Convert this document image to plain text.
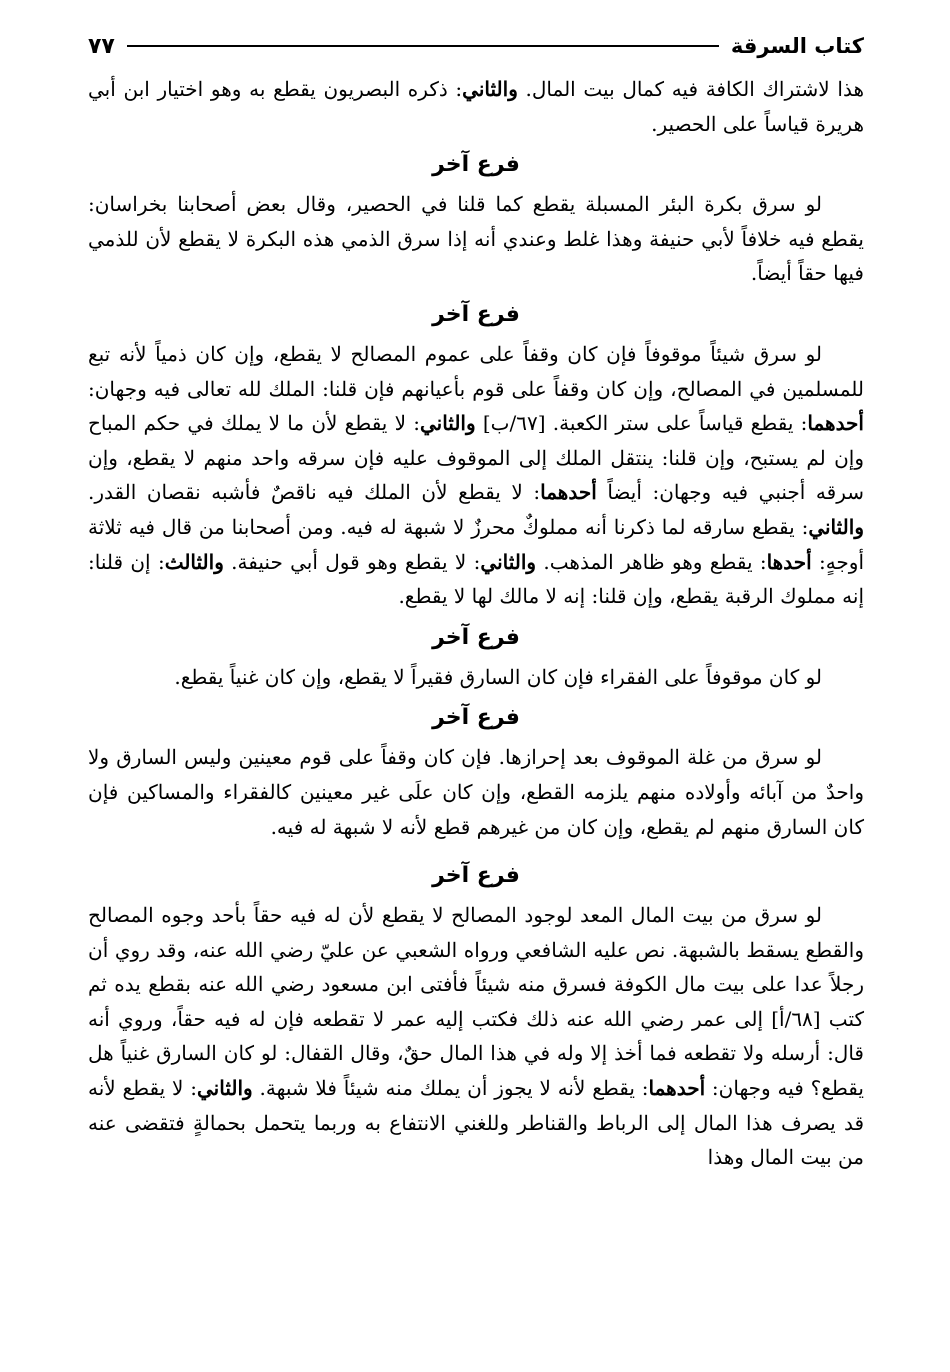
كتاب السرقة
٧٧

هذا لاشتراك الكافة فيه كمال بيت المال. والثاني: ذكره البصريون يقطع به وهو اختيار ابن أبي هريرة قياساً على الحصير.

فرع آخر

لو سرق بكرة البئر المسبلة يقطع كما قلنا في الحصير، وقال بعض أصحابنا بخراسان: يقطع فيه خلافاً لأبي حنيفة وهذا غلط وعندي أنه إذا سرق الذمي هذه البكرة لا يقطع لأن للذمي فيها حقاً أيضاً.

فرع آخر

لو سرق شيئاً موقوفاً فإن كان وقفاً على عموم المصالح لا يقطع، وإن كان ذمياً لأنه تبع للمسلمين في المصالح، وإن كان وقفاً على قوم بأعيانهم فإن قلنا: الملك لله تعالى فيه وجهان: أحدهما: يقطع قياساً على ستر الكعبة. [٦٧/ب] والثاني: لا يقطع لأن ما لا يملك في حكم المباح وإن لم يستبح، وإن قلنا: ينتقل الملك إلى الموقوف عليه فإن سرقه واحد منهم لا يقطع، وإن سرقه أجنبي فيه وجهان: أيضاً أحدهما: لا يقطع لأن الملك فيه ناقصٌ فأشبه نقصان القدر. والثاني: يقطع سارقه لما ذكرنا أنه مملوكٌ محرزٌ لا شبهة له فيه. ومن أصحابنا من قال فيه ثلاثة أوجهٍ: أحدها: يقطع وهو ظاهر المذهب. والثاني: لا يقطع وهو قول أبي حنيفة. والثالث: إن قلنا: إنه مملوك الرقبة يقطع، وإن قلنا: إنه لا مالك لها لا يقطع.

فرع آخر

لو كان موقوفاً على الفقراء فإن كان السارق فقيراً لا يقطع، وإن كان غنياً يقطع.

فرع آخر

لو سرق من غلة الموقوف بعد إحرازها. فإن كان وقفاً على قوم معينين وليس السارق ولا واحدٌ من آبائه وأولاده منهم يلزمه القطع، وإن كان علَى غير معينين كالفقراء والمساكين فإن كان السارق منهم لم يقطع، وإن كان من غيرهم قطع لأنه لا شبهة له فيه.

فرع آخر

لو سرق من بيت المال المعد لوجود المصالح لا يقطع لأن له فيه حقاً بأحد وجوه المصالح والقطع يسقط بالشبهة. نص عليه الشافعي ورواه الشعبي عن عليّ رضي الله عنه، وقد روي أن رجلاً عدا على بيت مال الكوفة فسرق منه شيئاً فأفتى ابن مسعود رضي الله عنه بقطع يده ثم كتب [٦٨/أ] إلى عمر رضي الله عنه ذلك فكتب إليه عمر لا تقطعه فإن له فيه حقاً، وروي أنه قال: أرسله ولا تقطعه فما أخذ إلا وله في هذا المال حقٌ، وقال القفال: لو كان السارق غنياً هل يقطع؟ فيه وجهان: أحدهما: يقطع لأنه لا يجوز أن يملك منه شيئاً فلا شبهة. والثاني: لا يقطع لأنه قد يصرف هذا المال إلى الرباط والقناطر وللغني الانتفاع به وربما يتحمل بحمالةٍ فتقضى عنه من بيت المال وهذا
